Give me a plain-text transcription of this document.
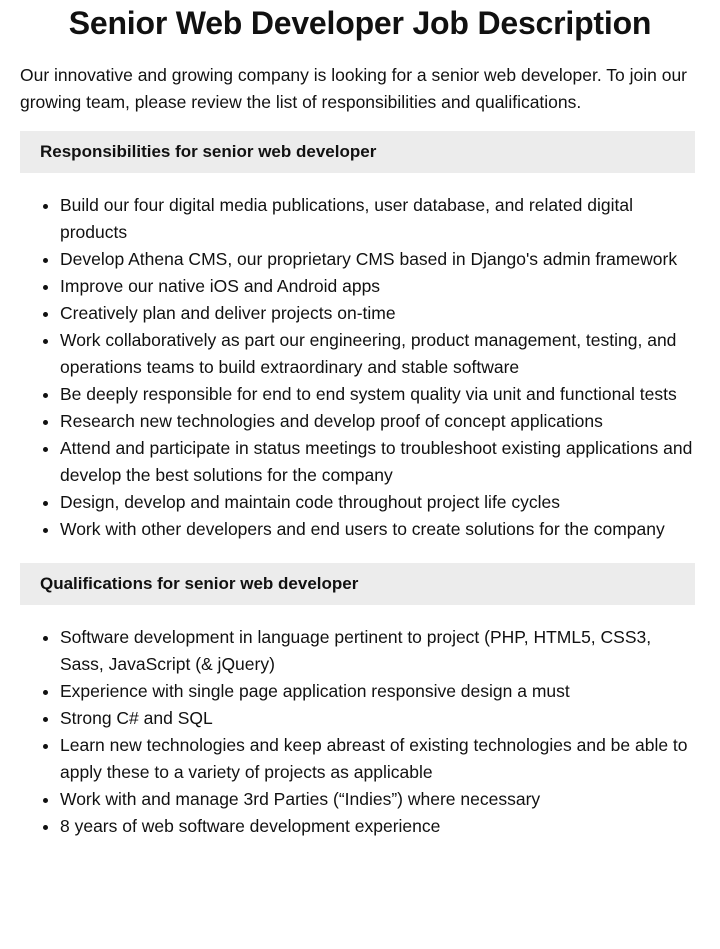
Senior Web Developer Job Description

Our innovative and growing company is looking for a senior web developer. To join our growing team, please review the list of responsibilities and qualifications.

Responsibilities for senior web developer
• Build our four digital media publications, user database, and related digital products
• Develop Athena CMS, our proprietary CMS based in Django's admin framework
• Improve our native iOS and Android apps
• Creatively plan and deliver projects on-time
• Work collaboratively as part our engineering, product management, testing, and operations teams to build extraordinary and stable software
• Be deeply responsible for end to end system quality via unit and functional tests
• Research new technologies and develop proof of concept applications
• Attend and participate in status meetings to troubleshoot existing applications and develop the best solutions for the company
• Design, develop and maintain code throughout project life cycles
• Work with other developers and end users to create solutions for the company
Qualifications for senior web developer
• Software development in language pertinent to project (PHP, HTML5, CSS3, Sass, JavaScript (& jQuery)
• Experience with single page application responsive design a must
• Strong C# and SQL
• Learn new technologies and keep abreast of existing technologies and be able to apply these to a variety of projects as applicable
• Work with and manage 3rd Parties (“Indies”) where necessary
• 8 years of web software development experience
